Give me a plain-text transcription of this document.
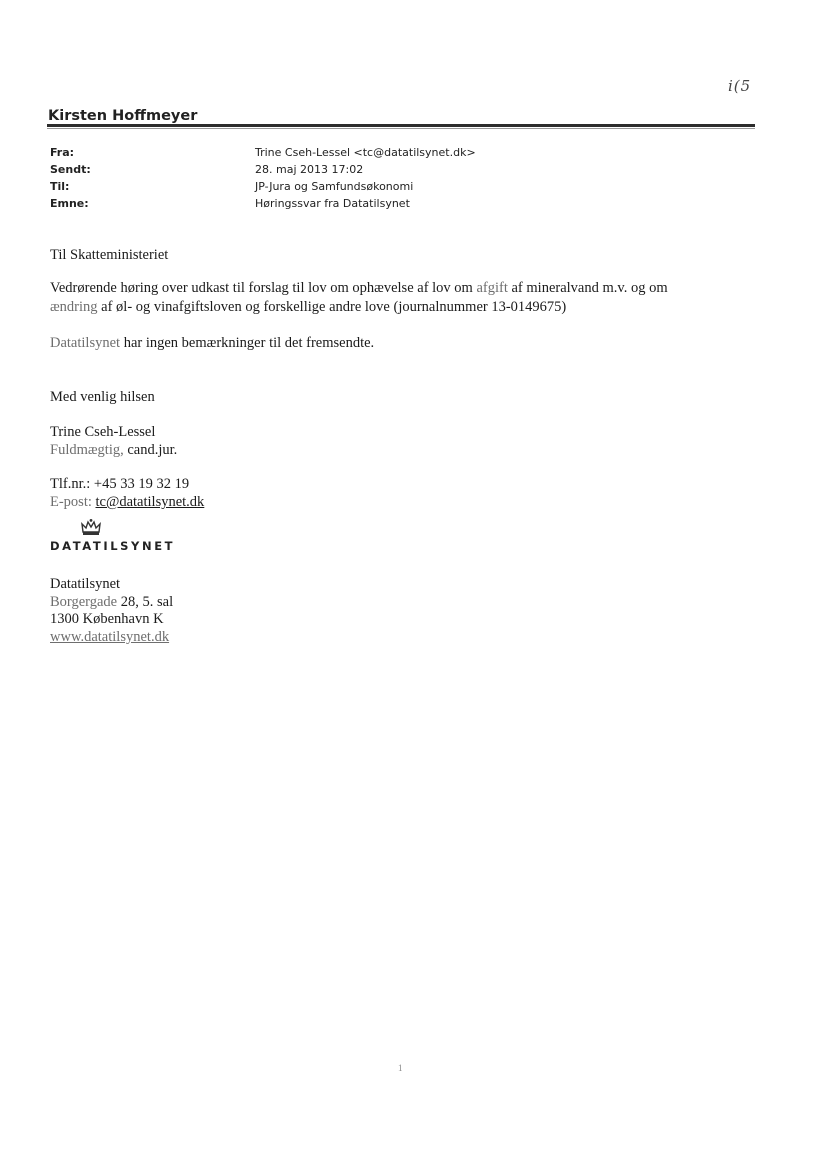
i(5
Kirsten Hoffmeyer
Fra:	Trine Cseh-Lessel <tc@datatilsynet.dk>
Sendt:	28. maj 2013 17:02
Til:	JP-Jura og Samfundsøkonomi
Emne:	Høringssvar fra Datatilsynet
Til Skatteministeriet
Vedrørende høring over udkast til forslag til lov om ophævelse af lov om afgift af mineralvand m.v. og om
ændring af øl- og vinafgiftsloven og forskellige andre love (journalnummer 13-0149675)
Datatilsynet har ingen bemærkninger til det fremsendte.
Med venlig hilsen
Trine Cseh-Lessel
Fuldmægtig, cand.jur.
Tlf.nr.: +45 33 19 32 19
E-post: tc@datatilsynet.dk
DATATILSYNET
Datatilsynet
Borgergade 28, 5. sal
1300 København K
www.datatilsynet.dk
1
